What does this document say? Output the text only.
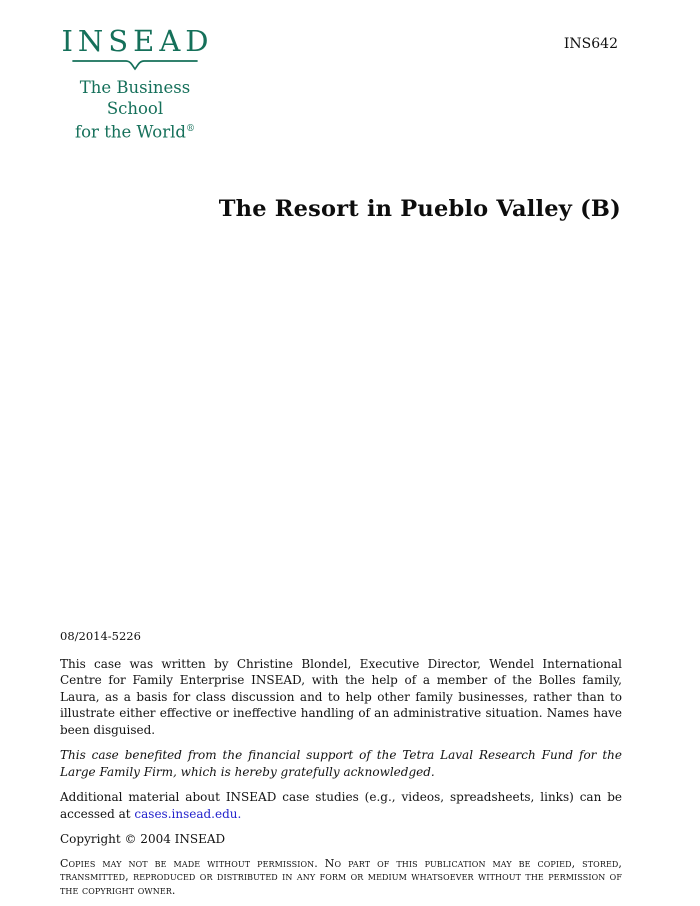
INSEAD
The Business School
for the World®
INS642
The Resort in Pueblo Valley (B)
08/2014-5226

This case was written by Christine Blondel, Executive Director, Wendel International Centre for Family Enterprise INSEAD, with the help of a member of the Bolles family, Laura, as a basis for class discussion and to help other family businesses, rather than to illustrate either effective or ineffective handling of an administrative situation. Names have been disguised.

This case benefited from the financial support of the Tetra Laval Research Fund for the Large Family Firm, which is hereby gratefully acknowledged.

Additional material about INSEAD case studies (e.g., videos, spreadsheets, links) can be accessed at cases.insead.edu.

Copyright © 2004 INSEAD

Copies may not be made without permission. No part of this publication may be copied, stored, transmitted, reproduced or distributed in any form or medium whatsoever without the permission of the copyright owner.
